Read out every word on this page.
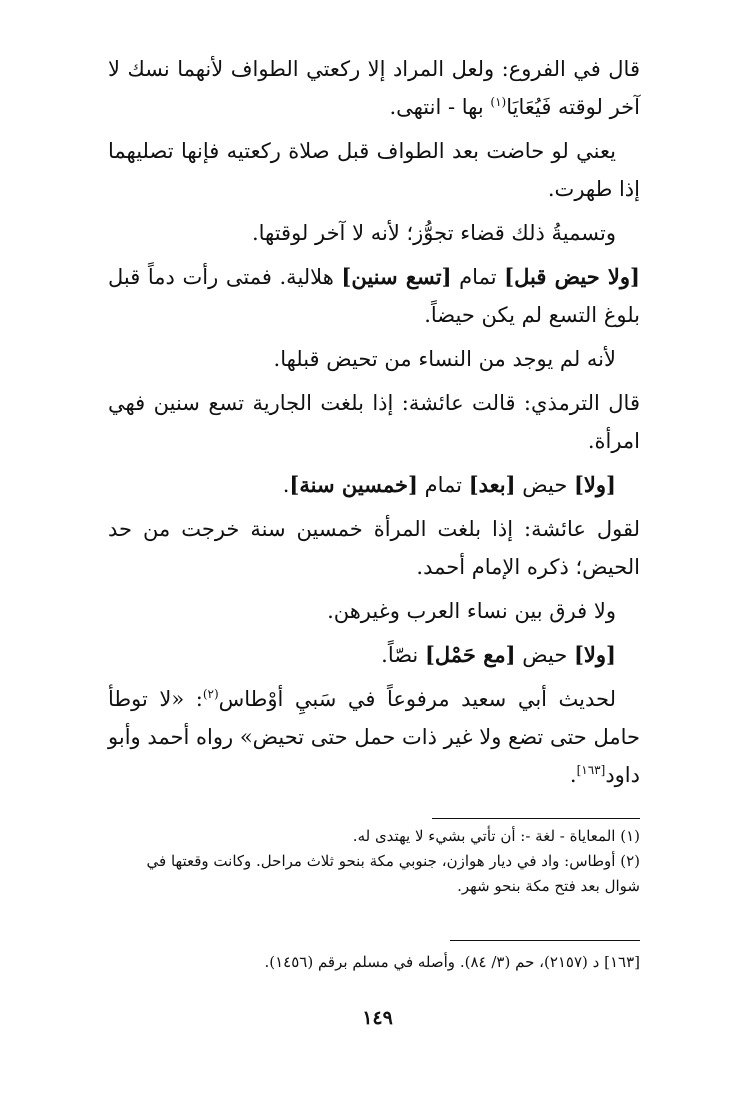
قال في الفروع: ولعل المراد إلا ركعتي الطواف لأنهما نسك لا آخر لوقته فَيُعَايَا$^{(١)}$ بها - انتهى.

يعني لو حاضت بعد الطواف قبل صلاة ركعتيه فإنها تصليهما إذا طهرت.

وتسميةُ ذلك قضاء تجوُّز؛ لأنه لا آخر لوقتها.

[ولا حيض قبل] تمام [تسع سنين] هلالية. فمتى رأت دماً قبل بلوغ التسع لم يكن حيضاً.

لأنه لم يوجد من النساء من تحيض قبلها.

قال الترمذي: قالت عائشة: إذا بلغت الجارية تسع سنين فهي امرأة.

[ولا] حيض [بعد] تمام [خمسين سنة].

لقول عائشة: إذا بلغت المرأة خمسين سنة خرجت من حد الحيض؛ ذكره الإمام أحمد.

ولا فرق بين نساء العرب وغيرهن.

[ولا] حيض [مع حَمْل] نصّاً.

لحديث أبي سعيد مرفوعاً في سَبيِ أوْطاس$^{(٢)}$: «لا توطأ حامل حتى تضع ولا غير ذات حمل حتى تحيض» رواه أحمد وأبو داود[١٦٣].

(١) المعاياة - لغة -: أن تأتي بشيء لا يهتدى له.

(٢) أوطاس: واد في ديار هوازن، جنوبي مكة بنحو ثلاث مراحل. وكانت وقعتها في شوال بعد فتح مكة بنحو شهر.

[١٦٣] د (٢١٥٧)، حم (٣/ ٨٤). وأصله في مسلم برقم (١٤٥٦).

١٤٩
